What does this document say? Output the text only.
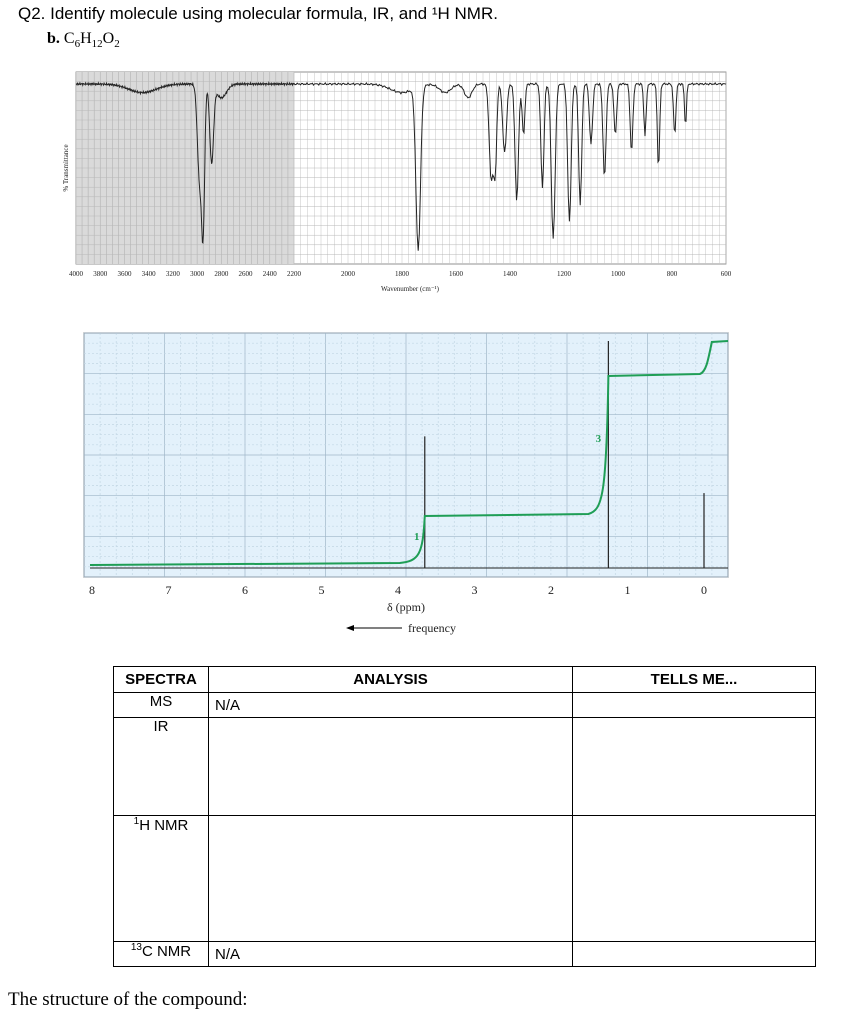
Q2. Identify molecule using molecular formula, IR, and ¹H NMR.
b. $C_6H_{12}O_2$
4000 3800 3600 3400 3200 3000 2800 2600 2400 2200	2000	1800	1600	1400	1200	1000	800	600
% Transmittance
Wavenumber (cm⁻¹)
1
3
8	7	6	5	4	3	2	1	0
δ (ppm)
frequency
SPECTRA	ANALYSIS	TELLS ME...
MS	N/A	
IR		
$^1$H NMR		
$^{13}$C NMR	N/A	
The structure of the compound:
